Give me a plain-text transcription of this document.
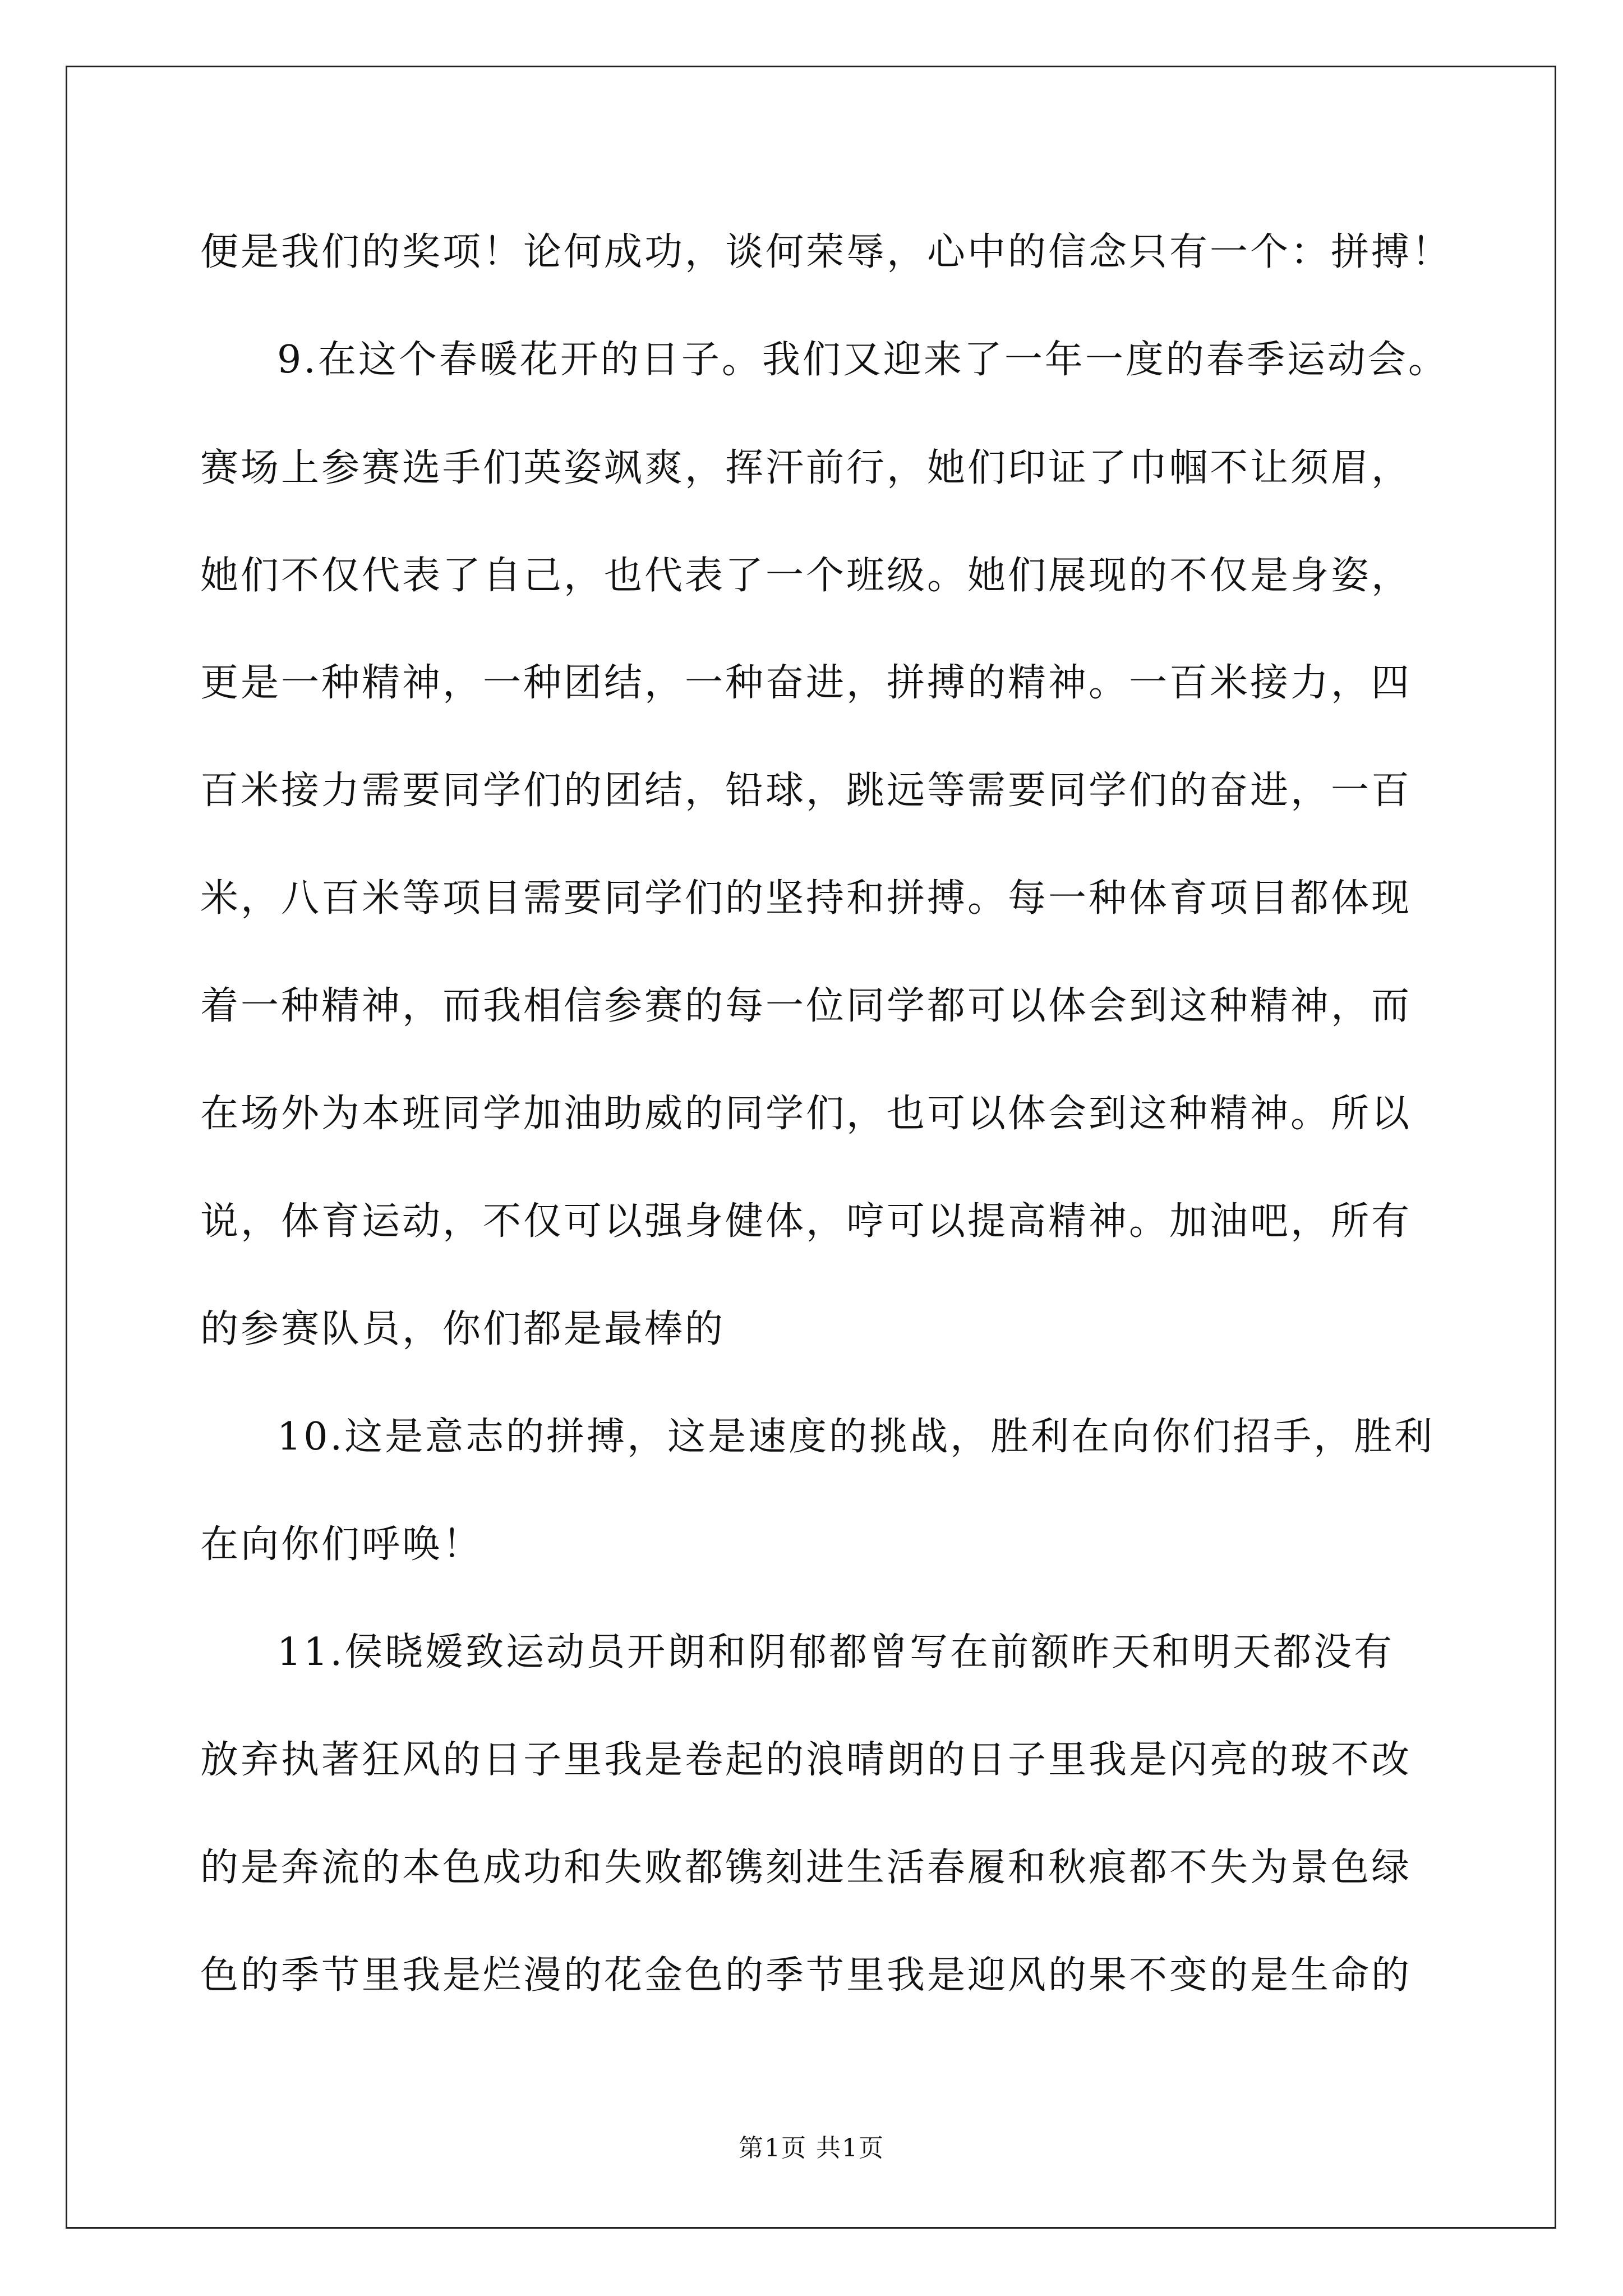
便是我们的奖项！论何成功，谈何荣辱，心中的信念只有一个：拼搏！
9.在这个春暖花开的日子。我们又迎来了一年一度的春季运动会。
赛场上参赛选手们英姿飒爽，挥汗前行，她们印证了巾帼不让须眉，
她们不仅代表了自己，也代表了一个班级。她们展现的不仅是身姿，
更是一种精神，一种团结，一种奋进，拼搏的精神。一百米接力，四
百米接力需要同学们的团结，铅球，跳远等需要同学们的奋进，一百
米，八百米等项目需要同学们的坚持和拼搏。每一种体育项目都体现
着一种精神，而我相信参赛的每一位同学都可以体会到这种精神，而
在场外为本班同学加油助威的同学们，也可以体会到这种精神。所以
说，体育运动，不仅可以强身健体，哼可以提高精神。加油吧，所有
的参赛队员，你们都是最棒的
10.这是意志的拼搏，这是速度的挑战，胜利在向你们招手，胜利
在向你们呼唤！
11.侯晓嫒致运动员开朗和阴郁都曾写在前额昨天和明天都没有
放弃执著狂风的日子里我是卷起的浪晴朗的日子里我是闪亮的玻不改
的是奔流的本色成功和失败都镌刻进生活春履和秋痕都不失为景色绿
色的季节里我是烂漫的花金色的季节里我是迎风的果不变的是生命的
第1页 共1页
